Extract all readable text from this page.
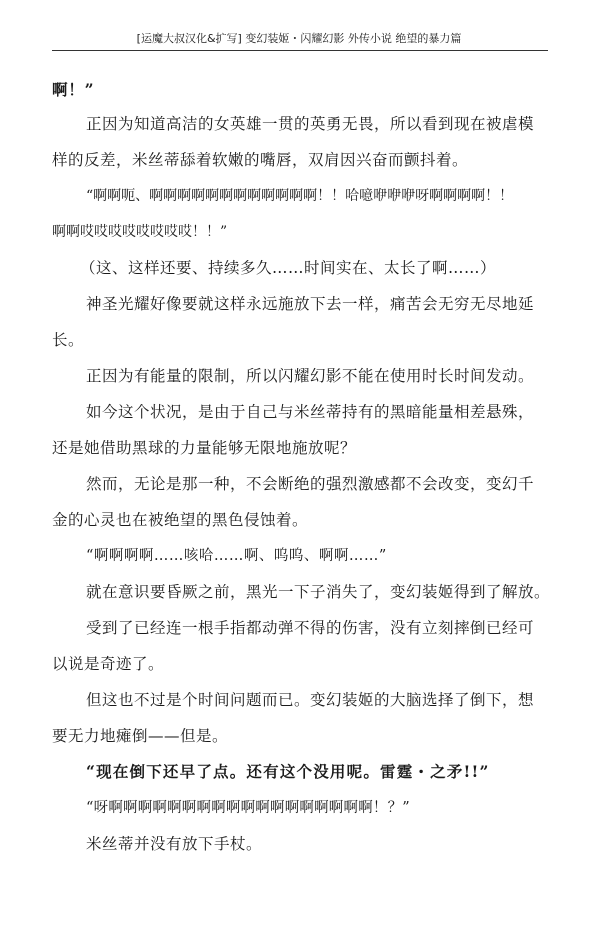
[运魔大叔汉化&扩写] 变幻装姬・闪耀幻影 外传小说 绝望的暴力篇
啊！”
正因为知道高洁的女英雄一贯的英勇无畏，所以看到现在被虐模
样的反差，米丝蒂舔着软嫩的嘴唇，双肩因兴奋而颤抖着。
“啊啊呃、啊啊啊啊啊啊啊啊啊啊啊啊！！哈噫咿咿咿呀啊啊啊啊！！
啊啊哎哎哎哎哎哎哎哎！！”
（这、这样还要、持续多久……时间实在、太长了啊……）
神圣光耀好像要就这样永远施放下去一样，痛苦会无穷无尽地延
长。
正因为有能量的限制，所以闪耀幻影不能在使用时长时间发动。
如今这个状况，是由于自己与米丝蒂持有的黑暗能量相差悬殊，
还是她借助黑球的力量能够无限地施放呢？
然而，无论是那一种，不会断绝的强烈激感都不会改变，变幻千
金的心灵也在被绝望的黑色侵蚀着。
“啊啊啊啊……咳哈……啊、呜呜、啊啊……”
就在意识要昏厥之前，黑光一下子消失了，变幻装姬得到了解放。
受到了已经连一根手指都动弹不得的伤害，没有立刻摔倒已经可
以说是奇迹了。
但这也不过是个时间问题而已。变幻装姬的大脑选择了倒下，想
要无力地瘫倒——但是。
“现在倒下还早了点。还有这个没用呢。雷霆・之矛!!”
“呀啊啊啊啊啊啊啊啊啊啊啊啊啊啊啊啊啊啊！？”
米丝蒂并没有放下手杖。
